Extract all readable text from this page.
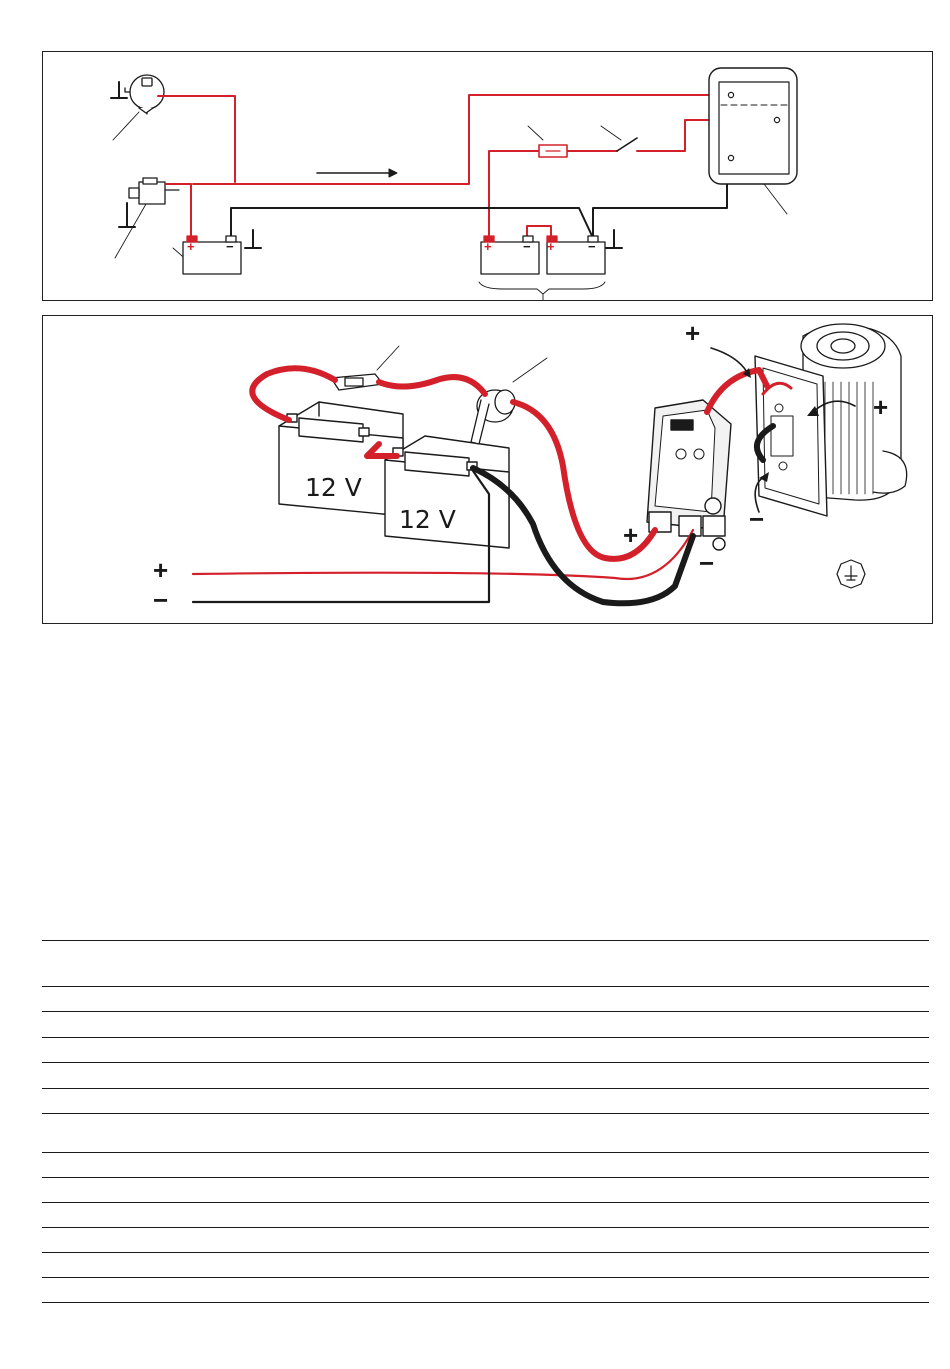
+ −	+ − +	−
12 V
12 V
+
−
+
−
+
+
−
